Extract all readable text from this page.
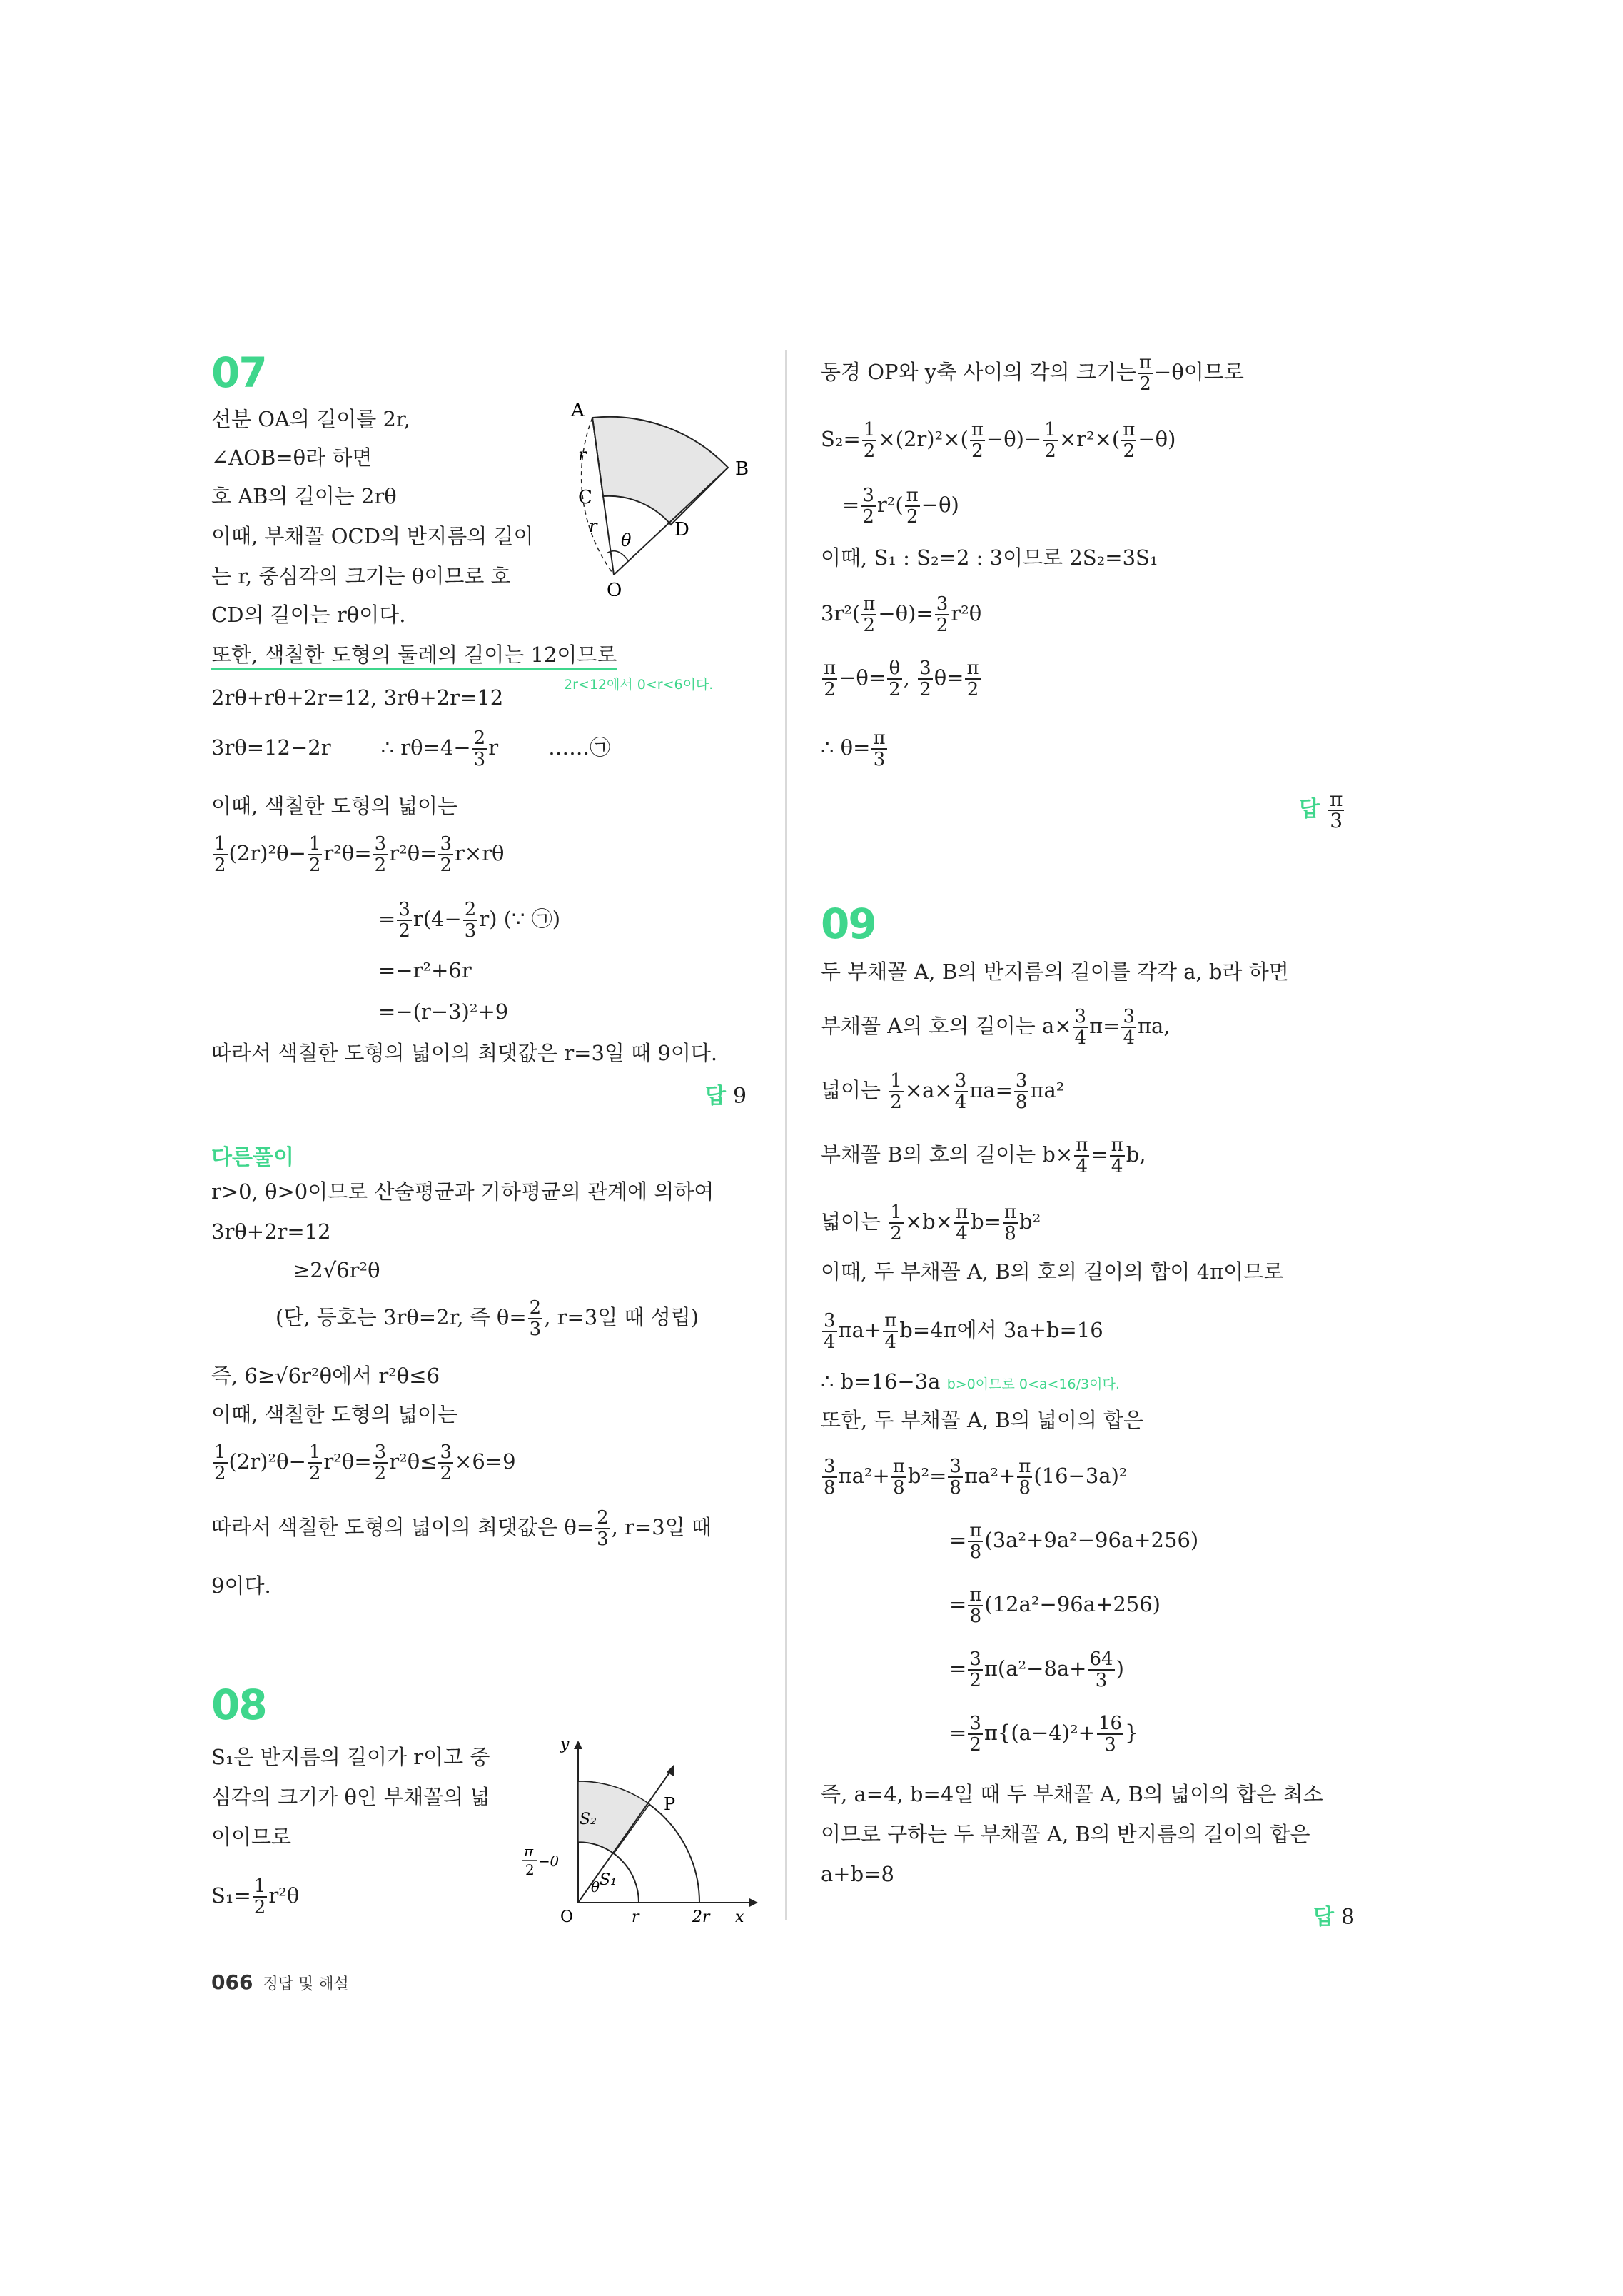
07
선분 OA의 길이를 2r,
∠AOB=θ라 하면
호 AB의 길이는 2rθ
이때, 부채꼴 OCD의 반지름의 길이
는 r, 중심각의 크기는 θ이므로 호
CD의 길이는 rθ이다.
또한, 색칠한 도형의 둘레의 길이는 12이므로
2r<12에서 0<r<6이다.
2rθ+rθ+2r=12, 3rθ+2r=12
3rθ=12−2r ∴ $r\theta=4- \frac{2}{3}$ r ……㉠
이때, 색칠한 도형의 넓이는
$\frac{1}{2} (2r)^2\theta- \frac{1}{2} r^2\theta= \frac{3}{2} r^2\theta= \frac{3}{2} r\times r\theta$
= $\frac{3}{2} r(4- \frac{2}{3} r)$ (∵ ㉠)
=−r²+6r
=−(r−3)²+9
따라서 색칠한 도형의 넓이의 최댓값은 r=3일 때 9이다.
답 9
다른풀이
r>0, θ>0이므로 산술평균과 기하평균의 관계에 의하여
3rθ+2r=12
≥2√6r²θ
(단, 등호는 3rθ=2r, 즉 $\theta= \frac{2}{3}$ , r=3일 때 성립)
즉, 6≥√6r²θ에서 r²θ≤6
이때, 색칠한 도형의 넓이는
$\frac{1}{2} (2r)^2\theta- \frac{1}{2} r^2\theta= \frac{3}{2} r^2\theta\le \frac{3}{2} \times 6=9$
따라서 색칠한 도형의 넓이의 최댓값은 $\theta= \frac{2}{3}$ , r=3일 때
9이다.
A
B
C
D
O
r
r
θ
08
S₁은 반지름의 길이가 r이고 중
심각의 크기가 θ인 부채꼴의 넓
이이므로
$S_1= \frac{1}{2} r^2\theta$
S₂
S₁
P
y
x
O	r	2r
θ
π
2 −θ
동경 OP와 y축 사이의 각의 크기는 $\frac{\pi}{2} -\theta$이므로
$S_2= \frac{1}{2} \times(2r)^2\times( \frac{\pi}{2} -\theta)- \frac{1}{2} \times r^2\times( \frac{\pi}{2} -\theta)$
= $\frac{3}{2} r^2( \frac{\pi}{2} -\theta)$
이때, S₁ : S₂=2 : 3이므로 2S₂=3S₁
$3r^2( \frac{\pi}{2} -\theta)= \frac{3}{2} r^2\theta$
$\frac{\pi}{2} -\theta= \frac{\theta}{2}$ , $\frac{3}{2} \theta= \frac{\pi}{2}$
∴ $\theta= \frac{\pi}{3}$
답 $\frac{\pi}{3}$
09
두 부채꼴 A, B의 반지름의 길이를 각각 a, b라 하면
부채꼴 A의 호의 길이는 $a\times \frac{3}{4} \pi= \frac{3}{4} \pi a$,
넓이는 $\frac{1}{2} \times a\times \frac{3}{4} \pi a= \frac{3}{8} \pi a^2$
부채꼴 B의 호의 길이는 $b\times \frac{\pi}{4} = \frac{\pi}{4} b$,
넓이는 $\frac{1}{2} \times b\times \frac{\pi}{4} b= \frac{\pi}{8} b^2$
이때, 두 부채꼴 A, B의 호의 길이의 합이 4π이므로
$\frac{3}{4} \pi a+ \frac{\pi}{4} b=4\pi$에서 3a+b=16
∴ b=16−3a b>0이므로 0<a<16/3이다.
또한, 두 부채꼴 A, B의 넓이의 합은
$\frac{3}{8} \pi a^2+ \frac{\pi}{8} b^2= \frac{3}{8} \pi a^2+ \frac{\pi}{8} (16-3a)^2$
= $\frac{\pi}{8} (3a^2+9a^2-96a+256)$
= $\frac{\pi}{8} (12a^2-96a+256)$
= $\frac{3}{2} \pi(a^2-8a+ \frac{64}{3}$ )
= $\frac{3}{2} \pi\{(a-4)^2+ \frac{16}{3}$ }
즉, a=4, b=4일 때 두 부채꼴 A, B의 넓이의 합은 최소
이므로 구하는 두 부채꼴 A, B의 반지름의 길이의 합은
a+b=8
답 8
066 정답 및 해설
